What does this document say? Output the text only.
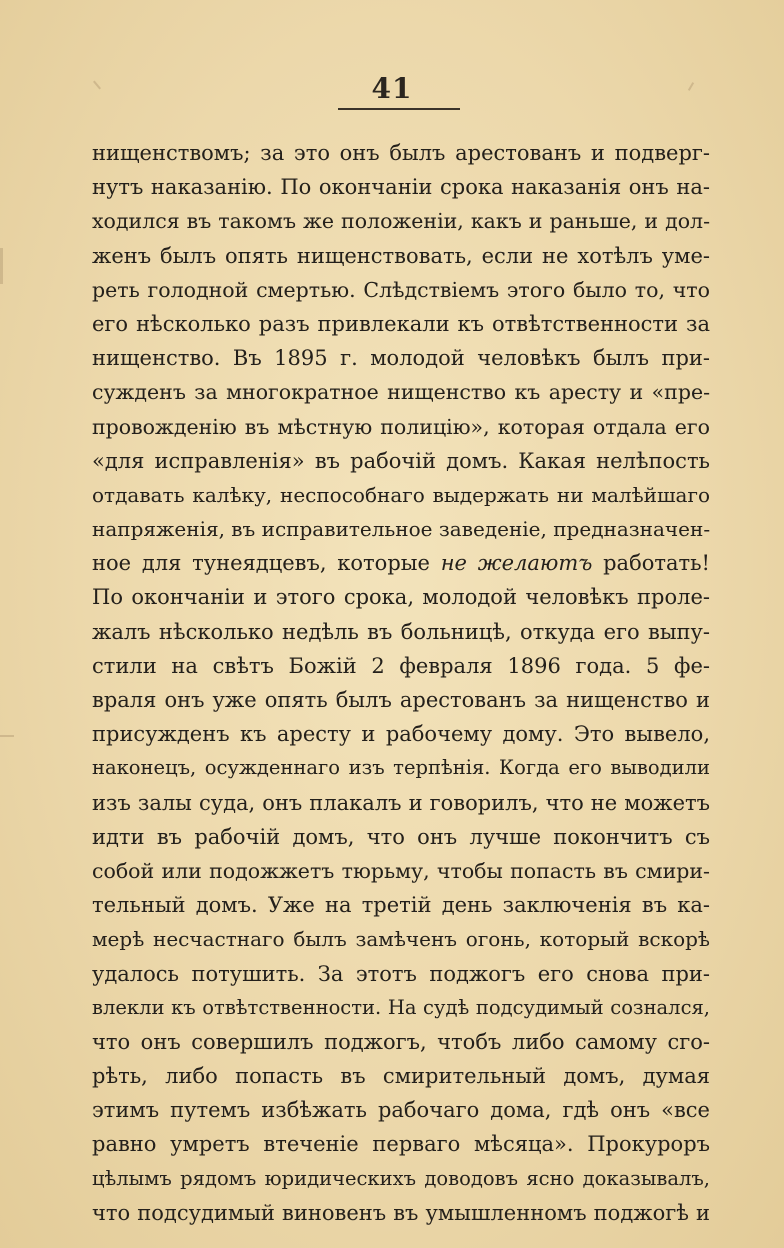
41
нищенствомъ; за это онъ былъ арестованъ и подверг-
нутъ наказанію. По окончаніи срока наказанія онъ на-
ходился въ такомъ же положеніи, какъ и раньше, и дол-
женъ былъ опять нищенствовать, если не хотѣлъ уме-
реть голодной смертью. Слѣдствіемъ этого было то, что
его нѣсколько разъ привлекали къ отвѣтственности за
нищенство. Въ 1895 г. молодой человѣкъ былъ при-
сужденъ за многократное нищенство къ аресту и «пре-
провожденію въ мѣстную полицію», которая отдала его
«для исправленія» въ рабочій домъ. Какая нелѣпость
отдавать калѣку, неспособнаго выдержать ни малѣйшаго
напряженія, въ исправительное заведеніе, предназначен-
ное для тунеядцевъ, которые не желаютъ работать!
По окончаніи и этого срока, молодой человѣкъ проле-
жалъ нѣсколько недѣль въ больницѣ, откуда его выпу-
стили на свѣтъ Божій 2 февраля 1896 года. 5 фе-
враля онъ уже опять былъ арестованъ за нищенство и
присужденъ къ аресту и рабочему дому. Это вывело,
наконецъ, осужденнаго изъ терпѣнія. Когда его выводили
изъ залы суда, онъ плакалъ и говорилъ, что не можетъ
идти въ рабочій домъ, что онъ лучше покончитъ съ
собой или подожжетъ тюрьму, чтобы попасть въ смири-
тельный домъ. Уже на третій день заключенія въ ка-
мерѣ несчастнаго былъ замѣченъ огонь, который вскорѣ
удалось потушить. За этотъ поджогъ его снова при-
влекли къ отвѣтственности. На судѣ подсудимый сознался,
что онъ совершилъ поджогъ, чтобъ либо самому сго-
рѣть, либо попасть въ смирительный домъ, думая
этимъ путемъ избѣжать рабочаго дома, гдѣ онъ «все
равно умретъ втеченіе перваго мѣсяца». Прокуроръ
цѣлымъ рядомъ юридическихъ доводовъ ясно доказывалъ,
что подсудимый виновенъ въ умышленномъ поджогѣ и
